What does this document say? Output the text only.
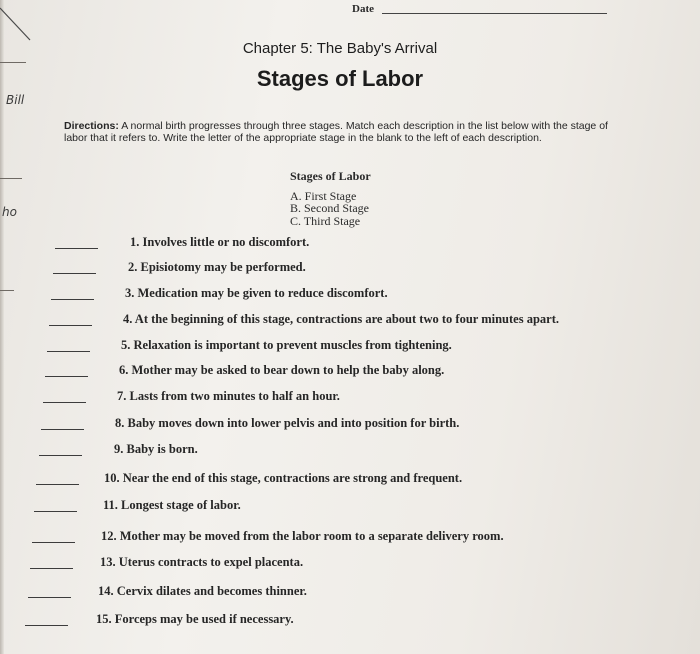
Bill
ho
Date
Chapter 5: The Baby's Arrival
Stages of Labor
Directions: A normal birth progresses through three stages. Match each description in the list below with the stage of labor that it refers to. Write the letter of the appropriate stage in the blank to the left of each description.
Stages of Labor
A. First Stage
B. Second Stage
C. Third Stage
1. Involves little or no discomfort.
2. Episiotomy may be performed.
3. Medication may be given to reduce discomfort.
4. At the beginning of this stage, contractions are about two to four minutes apart.
5. Relaxation is important to prevent muscles from tightening.
6. Mother may be asked to bear down to help the baby along.
7. Lasts from two minutes to half an hour.
8. Baby moves down into lower pelvis and into position for birth.
9. Baby is born.
10. Near the end of this stage, contractions are strong and frequent.
11. Longest stage of labor.
12. Mother may be moved from the labor room to a separate delivery room.
13. Uterus contracts to expel placenta.
14. Cervix dilates and becomes thinner.
15. Forceps may be used if necessary.
